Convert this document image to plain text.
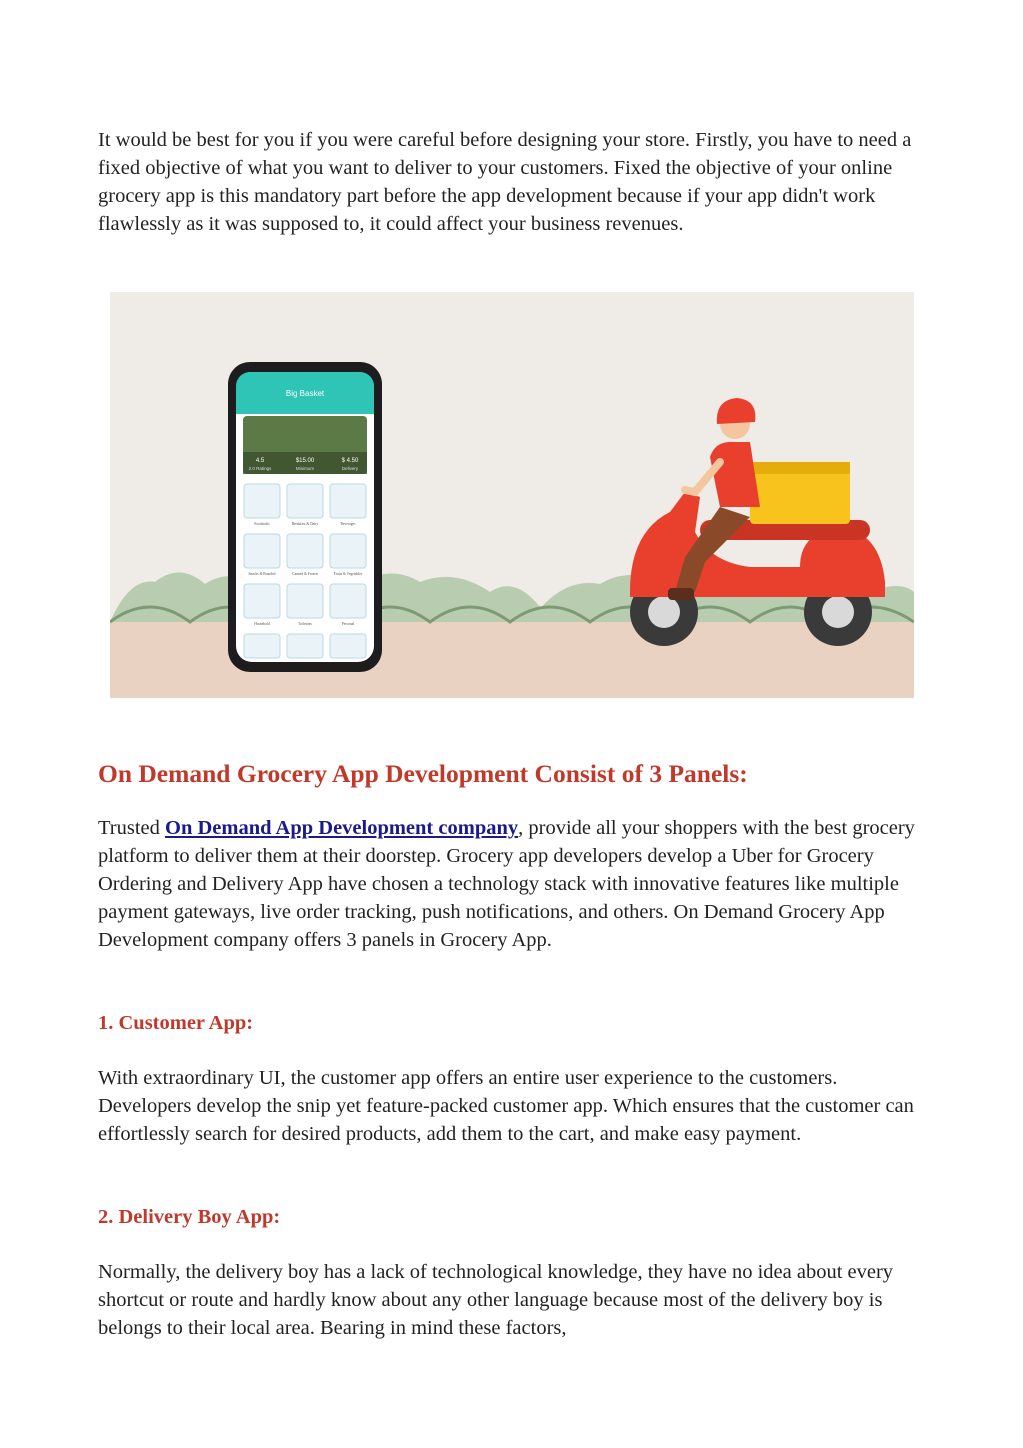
It would be best for you if you were careful before designing your store. Firstly, you have to need a fixed objective of what you want to deliver to your customers. Fixed the objective of your online grocery app is this mandatory part before the app development because if your app didn't work flawlessly as it was supposed to, it could affect your business revenues.

Big Basket
4.5	$15.00	$ 4.50
2.0 Ratings	Minimum	Delivery
Foodstuffs	Breakfast & Dairy	Beverages
Snacks & Branded	Canned & Frozen	Fruits & Vegetables
Household	Toiletries	Personal
On Demand Grocery App Development Consist of 3 Panels:

Trusted On Demand App Development company, provide all your shoppers with the best grocery platform to deliver them at their doorstep. Grocery app developers develop a Uber for Grocery Ordering and Delivery App have chosen a technology stack with innovative features like multiple payment gateways, live order tracking, push notifications, and others. On Demand Grocery App Development company offers 3 panels in Grocery App.

1. Customer App:

With extraordinary UI, the customer app offers an entire user experience to the customers. Developers develop the snip yet feature-packed customer app. Which ensures that the customer can effortlessly search for desired products, add them to the cart, and make easy payment.

2. Delivery Boy App:

Normally, the delivery boy has a lack of technological knowledge, they have no idea about every shortcut or route and hardly know about any other language because most of the delivery boy is belongs to their local area. Bearing in mind these factors,
